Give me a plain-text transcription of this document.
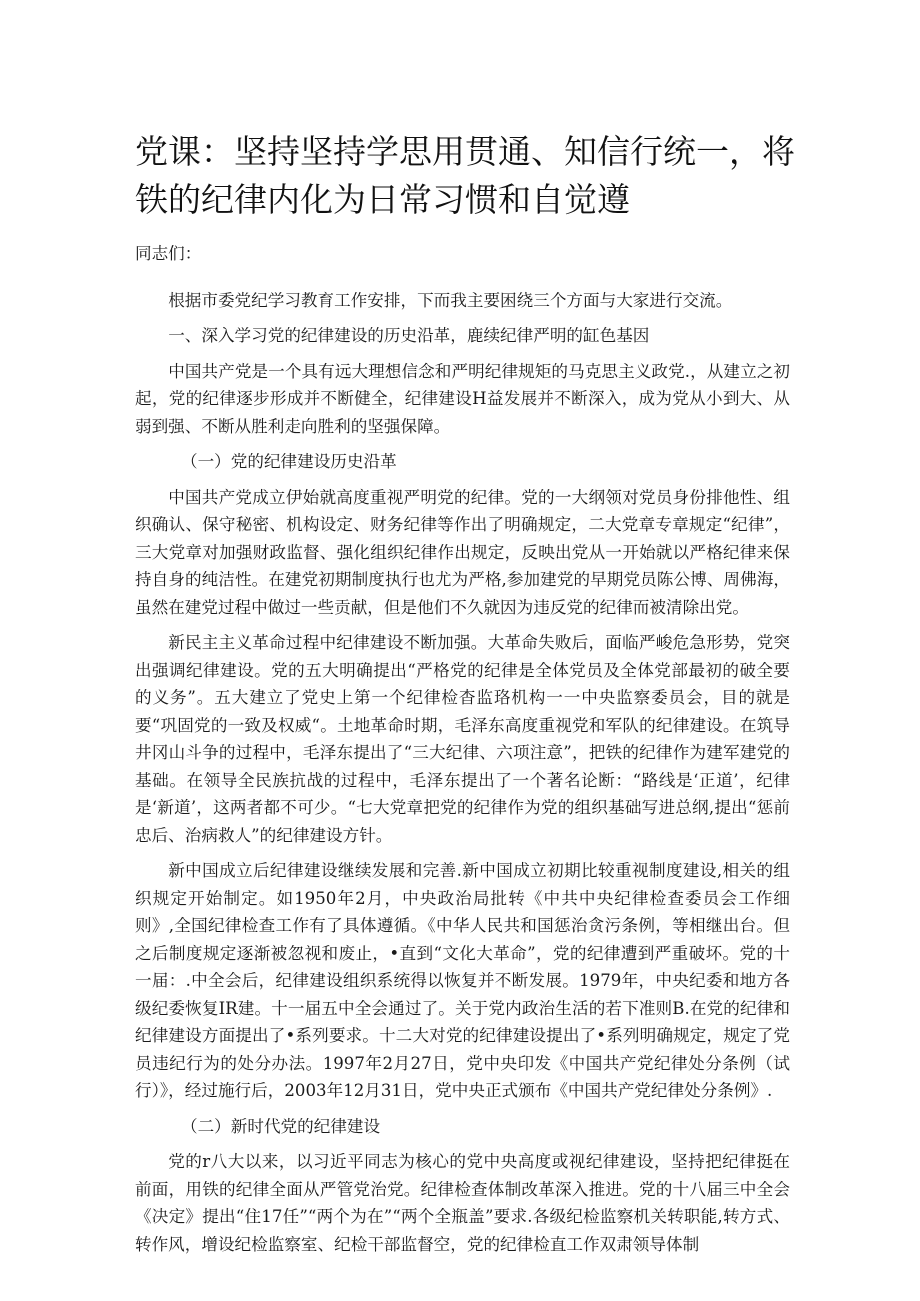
党课：坚持坚持学思用贯通、知信行统一，将铁的纪律内化为日常习惯和自觉遵

同志们：

根据市委党纪学习教育工作安排，下而我主要困绕三个方面与大家进行交流。

一、深入学习党的纪律建设的历史沿革，鹿续纪律严明的缸色基因

中国共产党是一个具有远大理想信念和严明纪律规矩的马克思主义政党.，从建立之初起，党的纪律逐步形成并不断健全，纪律建设H益发展并不断深入，成为党从小到大、从弱到强、不断从胜利走向胜利的坚强保障。

（一）党的纪律建设历史沿革

中国共产党成立伊始就高度重视严明党的纪律。党的一大纲领对党员身份排他性、组织确认、保守秘密、机构设定、财务纪律等作出了明确规定，二大党章专章规定“纪律”，三大党章对加强财政监督、强化组织纪律作出规定，反映出党从一开始就以严格纪律来保持自身的纯洁性。在建党初期制度执行也尤为严格,参加建党的早期党员陈公博、周佛海，虽然在建党过程中做过一些贡献，但是他们不久就因为违反党的纪律而被清除出党。

新民主主义革命过程中纪律建设不断加强。大革命失败后，面临严峻危急形势，党突出强调纪律建设。党的五大明确提出“严格党的纪律是全体党员及全体党部最初的破全要的义务”。五大建立了党史上第一个纪律检杳监珞机构一一中央监察委员会，目的就是要“巩固党的一致及权威“。土地革命时期，毛泽东高度重视党和军队的纪律建设。在筑导井冈山斗争的过程中，毛泽东提出了“三大纪律、六项注意”，把铁的纪律作为建军建党的基础。在领导全民族抗战的过程中，毛泽东提出了一个著名论断：“路线是‘正道’，纪律是‘新道’，这两者都不可少。“七大党章把党的纪律作为党的组织基础写进总纲,提出“惩前忠后、治病救人”的纪律建设方针。

新中国成立后纪律建设继续发展和完善.新中国成立初期比较重视制度建设,相关的组织规定开始制定。如1950年2月，中央政治局批转《中共中央纪律检查委员会工作细则》,全国纪律检查工作有了具体遵循。《中华人民共和国惩治贪污条例，等相继出台。但之后制度规定逐渐被忽视和废止，•直到“文化大革命”，党的纪律遭到严重破坏。党的十一届：.中全会后，纪律建设组织系统得以恢复并不断发展。1979年，中央纪委和地方各级纪委恢复IR建。十一届五中全会通过了。关于党内政治生活的若下准则B.在党的纪律和纪律建设方面提出了•系列要求。十二大对党的纪律建设提出了•系列明确规定，规定了党员违纪行为的处分办法。1997年2月27日，党中央印发《中国共产党纪律处分条例（试行）》，经过施行后，2003年12月31日，党中央正式颁布《中国共产党纪律处分条例》.

（二）新时代党的纪律建设

党的r八大以来，以习近平同志为核心的党中央高度或视纪律建设，坚持把纪律挺在前面，用铁的纪律全面从严管党治党。纪律检查体制改革深入推进。党的十八届三中全会《决定》提出“住17任”“两个为在”“两个全瓶盖”要求.各级纪检监察机关转职能,转方式、转作风，增设纪检监察室、纪检干部监督空，党的纪律检直工作双肃领导体制
